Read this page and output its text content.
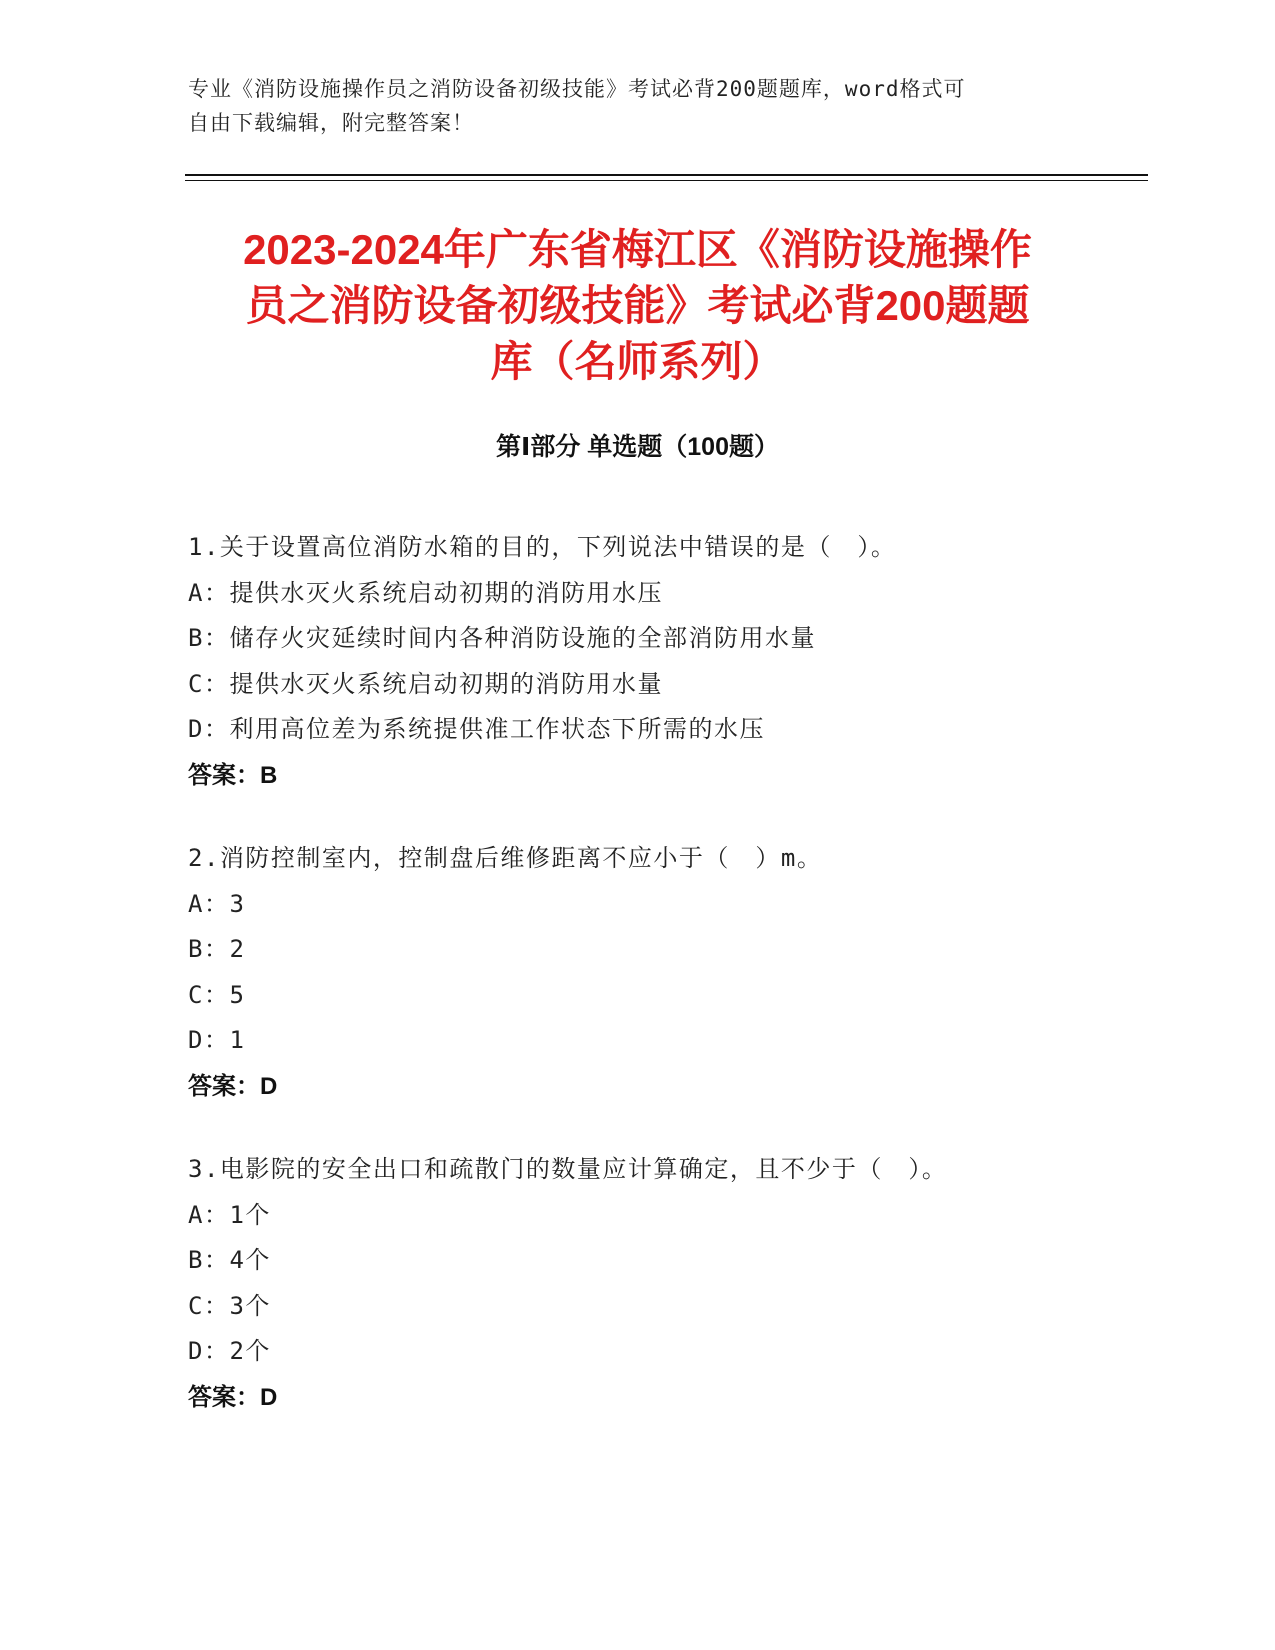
专业《消防设施操作员之消防设备初级技能》考试必背200题题库，word格式可
自由下载编辑，附完整答案！
2023-2024年广东省梅江区《消防设施操作
员之消防设备初级技能》考试必背200题题
库（名师系列）
第Ⅰ部分 单选题（100题）
1.关于设置高位消防水箱的目的，下列说法中错误的是（　）。
A：提供水灭火系统启动初期的消防用水压
B：储存火灾延续时间内各种消防设施的全部消防用水量
C：提供水灭火系统启动初期的消防用水量
D：利用高位差为系统提供准工作状态下所需的水压
答案：B
2.消防控制室内，控制盘后维修距离不应小于（　）m。
A：3
B：2
C：5
D：1
答案：D
3.电影院的安全出口和疏散门的数量应计算确定，且不少于（　）。
A：1个
B：4个
C：3个
D：2个
答案：D
